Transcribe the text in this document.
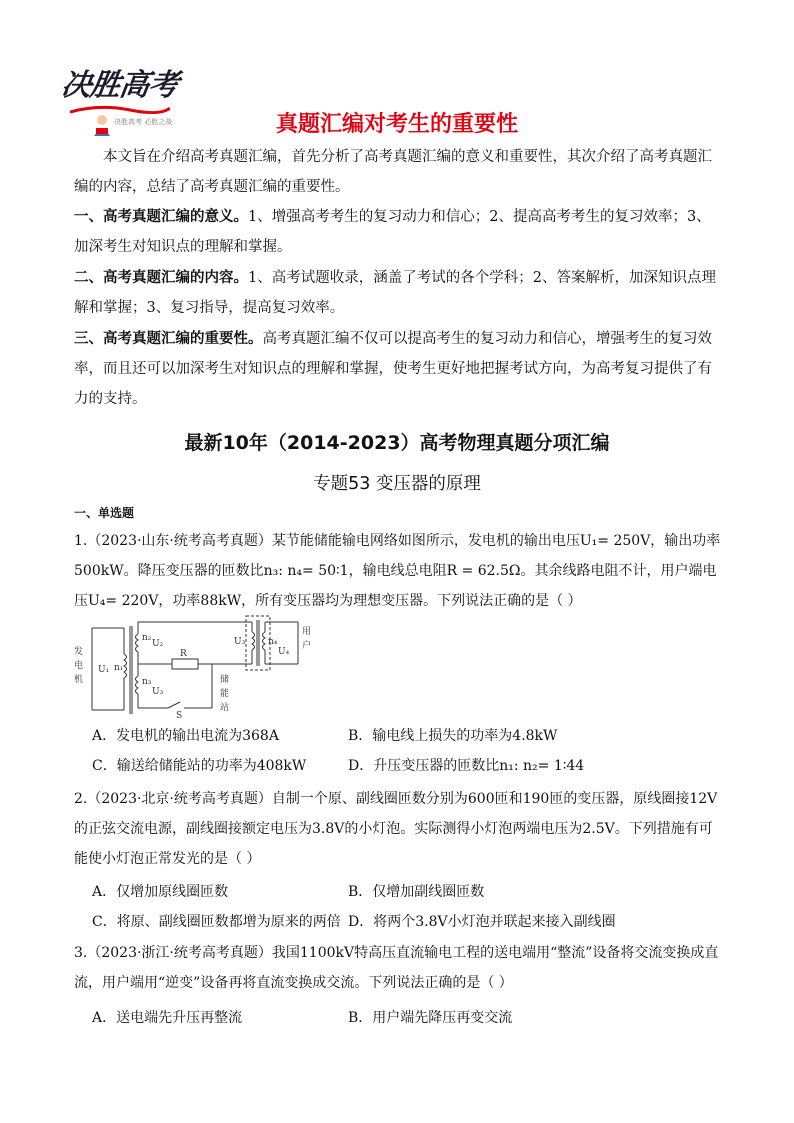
决胜高考
决胜高考 必胜之战	真题汇编对考生的重要性
本文旨在介绍高考真题汇编，首先分析了高考真题汇编的意义和重要性，其次介绍了高考真题汇编的内容，总结了高考真题汇编的重要性。
一、高考真题汇编的意义。1、增强高考考生的复习动力和信心；2、提高高考考生的复习效率；3、加深考生对知识点的理解和掌握。
二、高考真题汇编的内容。1、高考试题收录，涵盖了考试的各个学科；2、答案解析，加深知识点理解和掌握；3、复习指导，提高复习效率。
三、高考真题汇编的重要性。高考真题汇编不仅可以提高考生的复习动力和信心，增强考生的复习效率，而且还可以加深考生对知识点的理解和掌握，使考生更好地把握考试方向，为高考复习提供了有力的支持。
最新10年（2014-2023）高考物理真题分项汇编
专题53 变压器的原理
一、单选题
1.（2023·山东·统考高考真题）某节能储能输电网络如图所示，发电机的输出电压U₁= 250V，输出功率500kW。降压变压器的匝数比n₃: n₄= 50∶1，输电线总电阻R = 62.5Ω。其余线路电阻不计，用户端电压U₄= 220V，功率88kW，所有变压器均为理想变压器。下列说法正确的是（ ）
发
电
机
U₁ n₁
n₂
U₂
n₃
U₃
R
S
U₃	n₄
U₄
用
户
储
能
站
A．发电机的输出电流为368A	B．输电线上损失的功率为4.8kW
C．输送给储能站的功率为408kW	D．升压变压器的匝数比n₁: n₂= 1∶44
2.（2023·北京·统考高考真题）自制一个原、副线圈匝数分别为600匝和190匝的变压器，原线圈接12V的正弦交流电源，副线圈接额定电压为3.8V的小灯泡。实际测得小灯泡两端电压为2.5V。下列措施有可能使小灯泡正常发光的是（ ）
A．仅增加原线圈匝数	B．仅增加副线圈匝数
C．将原、副线圈匝数都增为原来的两倍 D．将两个3.8V小灯泡并联起来接入副线圈
3.（2023·浙江·统考高考真题）我国1100kV特高压直流输电工程的送电端用“整流”设备将交流变换成直流，用户端用“逆变”设备再将直流变换成交流。下列说法正确的是（ ）
A．送电端先升压再整流	B．用户端先降压再变交流
